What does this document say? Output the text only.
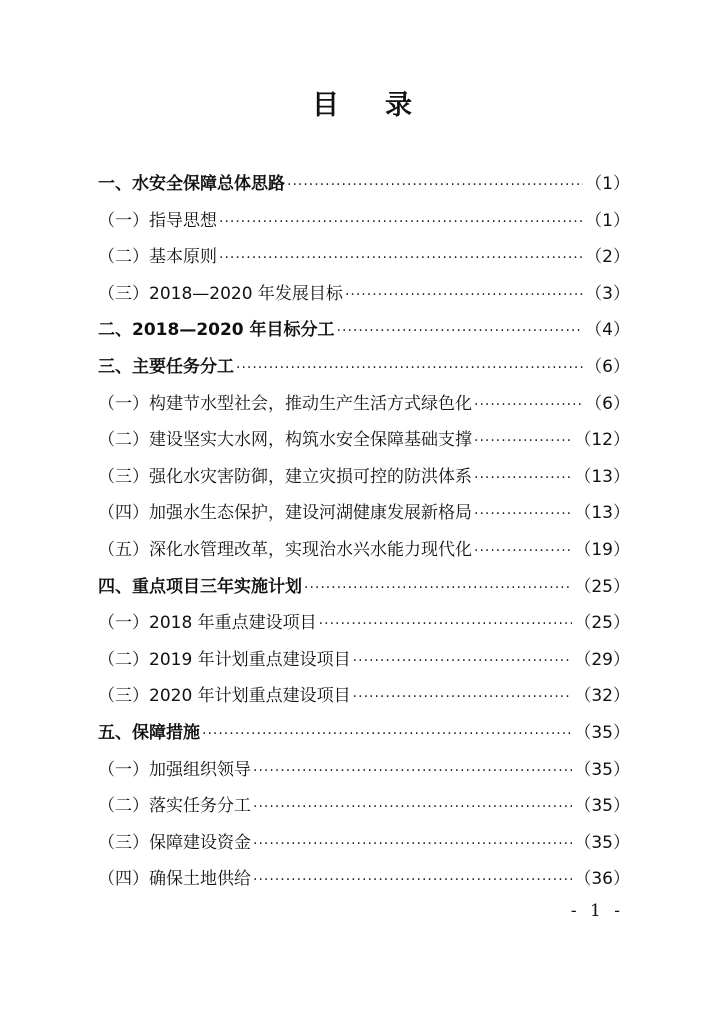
目录
一、水安全保障总体思路 ·····	（1）
（一）指导思想 ·····	（1）
（二）基本原则 ·····	（2）
（三）2018—2020 年发展目标 ·····	（3）
二、2018—2020 年目标分工 ·····	（4）
三、主要任务分工 ·····	（6）
（一）构建节水型社会，推动生产生活方式绿色化 ·····	（6）
（二）建设坚实大水网，构筑水安全保障基础支撑 ·····	（12）
（三）强化水灾害防御，建立灾损可控的防洪体系 ·····	（13）
（四）加强水生态保护，建设河湖健康发展新格局 ·····	（13）
（五）深化水管理改革，实现治水兴水能力现代化 ·····	（19）
四、重点项目三年实施计划 ·····	（25）
（一）2018 年重点建设项目 ·····	（25）
（二）2019 年计划重点建设项目 ·····	（29）
（三）2020 年计划重点建设项目 ·····	（32）
五、保障措施 ·····	（35）
（一）加强组织领导 ·····	（35）
（二）落实任务分工 ·····	（35）
（三）保障建设资金 ·····	（35）
（四）确保土地供给 ·····	（36）
- 1 -
